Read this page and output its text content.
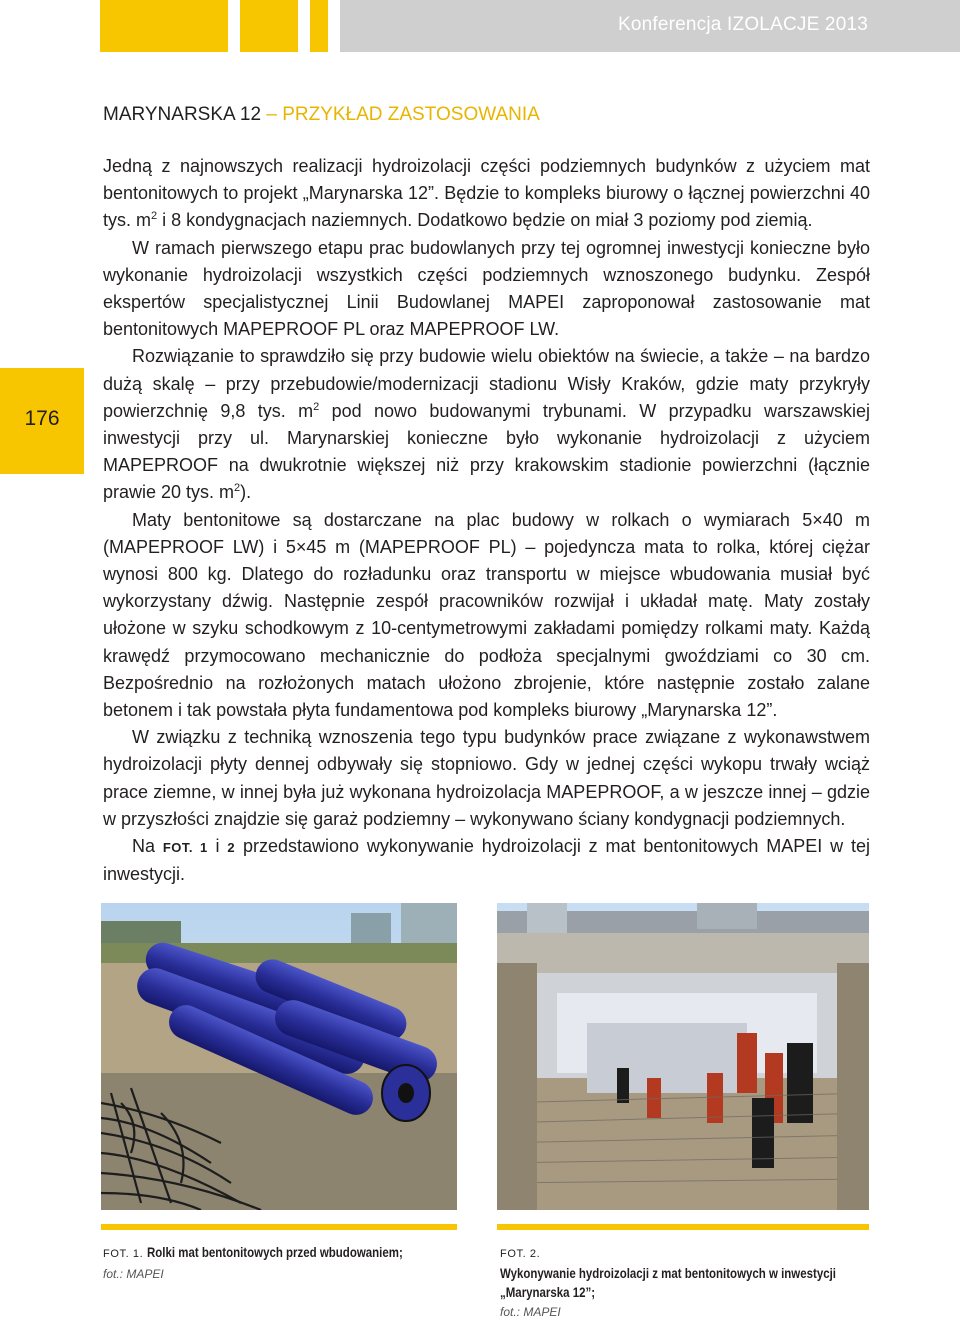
Konferencja IZOLACJE 2013
176
MARYNARSKA 12 – PRZYKŁAD ZASTOSOWANIA

Jedną z najnowszych realizacji hydroizolacji części podziemnych budynków z użyciem mat bentonitowych to projekt „Marynarska 12”. Będzie to kompleks biurowy o łącznej powierzchni 40 tys. $m^2$ i 8 kondygnacjach naziemnych. Dodatkowo będzie on miał 3 poziomy pod ziemią.

W ramach pierwszego etapu prac budowlanych przy tej ogromnej inwestycji konieczne było wykonanie hydroizolacji wszystkich części podziemnych wznoszonego budynku. Zespół ekspertów specjalistycznej Linii Budowlanej MAPEI zaproponował zastosowanie mat bentonitowych MAPEPROOF PL oraz MAPEPROOF LW.

Rozwiązanie to sprawdziło się przy budowie wielu obiektów na świecie, a także – na bardzo dużą skalę – przy przebudowie/modernizacji stadionu Wisły Kraków, gdzie maty przykryły powierzchnię 9,8 tys. $m^2$ pod nowo budowanymi trybunami. W przypadku warszawskiej inwestycji przy ul. Marynarskiej konieczne było wykonanie hydroizolacji z użyciem MAPEPROOF na dwukrotnie większej niż przy krakowskim stadionie powierzchni (łącznie prawie 20 tys. $m^2$).

Maty bentonitowe są dostarczane na plac budowy w rolkach o wymiarach 5×40 m (MAPEPROOF LW) i 5×45 m (MAPEPROOF PL) – pojedyncza mata to rolka, której ciężar wynosi 800 kg. Dlatego do rozładunku oraz transportu w miejsce wbudowania musiał być wykorzystany dźwig. Następnie zespół pracowników rozwijał i układał matę. Maty zostały ułożone w szyku schodkowym z 10-centymetrowymi zakładami pomiędzy rolkami maty. Każdą krawędź przymocowano mechanicznie do podłoża specjalnymi gwoździami co 30 cm. Bezpośrednio na rozłożonych matach ułożono zbrojenie, które następnie zostało zalane betonem i tak powstała płyta fundamentowa pod kompleks biurowy „Marynarska 12”.

W związku z techniką wznoszenia tego typu budynków prace związane z wykonawstwem hydroizolacji płyty dennej odbywały się stopniowo. Gdy w jednej części wykopu trwały wciąż prace ziemne, w innej była już wykonana hydroizolacja MAPEPROOF, a w jeszcze innej – gdzie w przyszłości znajdzie się garaż podziemny – wykonywano ściany kondygnacji podziemnych.

Na FOT. 1 i 2 przedstawiono wykonywanie hydroizolacji z mat bentonitowych MAPEI w tej inwestycji.

FOT. 1. Rolki mat bentonitowych przed wbudowaniem;
fot.: MAPEI
FOT. 2. Wykonywanie hydroizolacji z mat bentonitowych w inwestycji „Marynarska 12”; fot.: MAPEI
